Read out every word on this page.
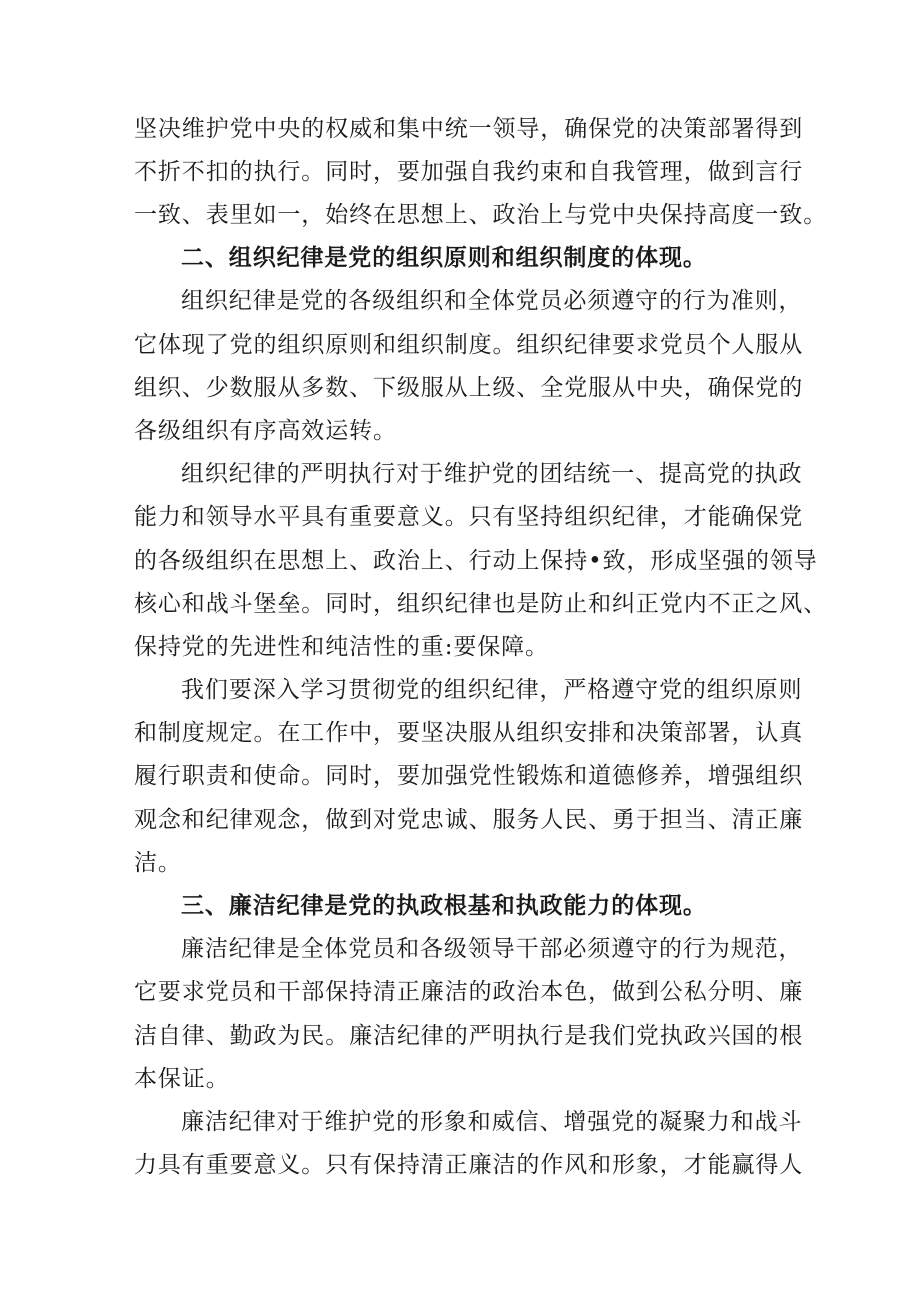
坚决维护党中央的权威和集中统一领导，确保党的决策部署得到
不折不扣的执行。同时，要加强自我约束和自我管理，做到言行
一致、表里如一，始终在思想上、政治上与党中央保持高度一致。
二、组织纪律是党的组织原则和组织制度的体现。
组织纪律是党的各级组织和全体党员必须遵守的行为准则，
它体现了党的组织原则和组织制度。组织纪律要求党员个人服从
组织、少数服从多数、下级服从上级、全党服从中央，确保党的
各级组织有序高效运转。
组织纪律的严明执行对于维护党的团结统一、提高党的执政
能力和领导水平具有重要意义。只有坚持组织纪律，才能确保党
的各级组织在思想上、政治上、行动上保持•致，形成坚强的领导
核心和战斗堡垒。同时，组织纪律也是防止和纠正党内不正之风、
保持党的先进性和纯洁性的重:要保障。
我们要深入学习贯彻党的组织纪律，严格遵守党的组织原则
和制度规定。在工作中，要坚决服从组织安排和决策部署，认真
履行职责和使命。同时，要加强党性锻炼和道德修养，增强组织
观念和纪律观念，做到对党忠诚、服务人民、勇于担当、清正廉
洁。
三、廉洁纪律是党的执政根基和执政能力的体现。
廉洁纪律是全体党员和各级领导干部必须遵守的行为规范，
它要求党员和干部保持清正廉洁的政治本色，做到公私分明、廉
洁自律、勤政为民。廉洁纪律的严明执行是我们党执政兴国的根
本保证。
廉洁纪律对于维护党的形象和威信、增强党的凝聚力和战斗
力具有重要意义。只有保持清正廉洁的作风和形象，才能赢得人
